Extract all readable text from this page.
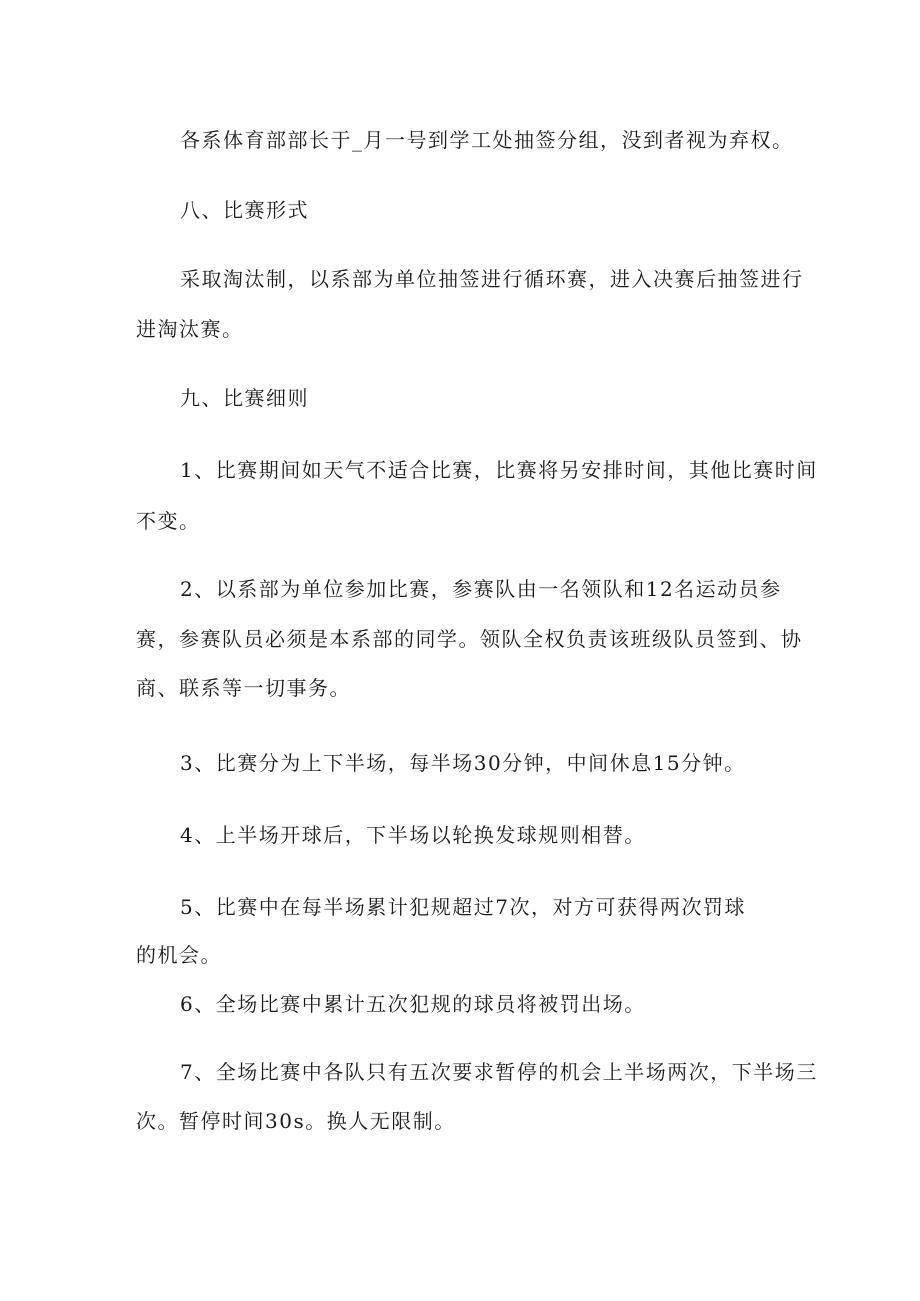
各系体育部部长于_月一号到学工处抽签分组，没到者视为弃权。
八、比赛形式
采取淘汰制，以系部为单位抽签进行循环赛，进入决赛后抽签进行
进淘汰赛。
九、比赛细则
1、比赛期间如天气不适合比赛，比赛将另安排时间，其他比赛时间
不变。
2、以系部为单位参加比赛，参赛队由一名领队和12名运动员参
赛，参赛队员必须是本系部的同学。领队全权负责该班级队员签到、协
商、联系等一切事务。
3、比赛分为上下半场，每半场30分钟，中间休息15分钟。
4、上半场开球后，下半场以轮换发球规则相替。
5、比赛中在每半场累计犯规超过7次，对方可获得两次罚球
的机会。
6、全场比赛中累计五次犯规的球员将被罚出场。
7、全场比赛中各队只有五次要求暂停的机会上半场两次，下半场三
次。暂停时间30s。换人无限制。
